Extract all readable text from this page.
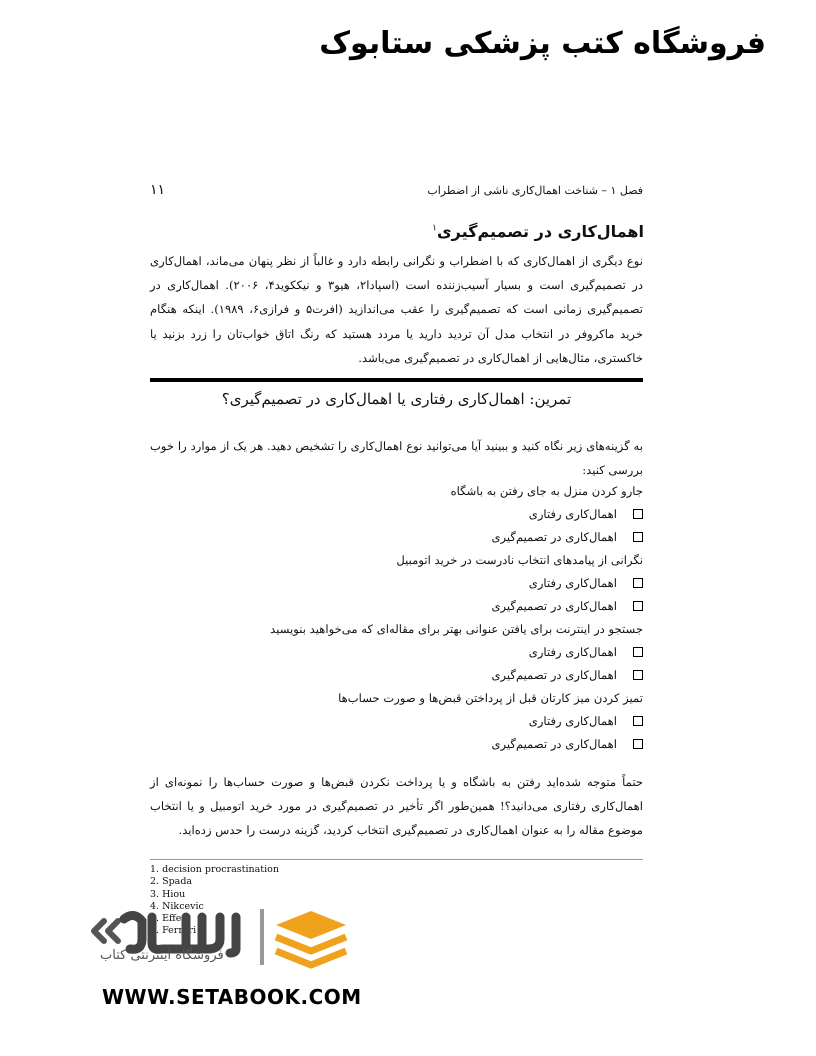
فروشگاه کتب پزشکی ستابوک
فصل ۱ – شناخت اهمال‌کاری ناشی از اضطراب
۱۱
اهمال‌کاری در تصمیم‌گیری$^۱$
نوع دیگری از اهمال‌کاری که با اضطراب و نگرانی رابطه دارد و غالباً از نظر پنهان می‌ماند، اهمال‌کاری در تصمیم‌گیری است و بسیار آسیب‌زننده است (اسپادا۲، هیو۳ و نیککوید۴، ۲۰۰۶). اهمال‌کاری در تصمیم‌گیری زمانی است که تصمیم‌گیری را عقب می‌اندازید (افرت۵ و فرازی۶، ۱۹۸۹). اینکه هنگام خرید ماکروفر در انتخاب مدل آن تردید دارید یا مردد هستید که رنگ اتاق خواب‌تان را زرد بزنید یا خاکستری، مثال‌هایی از اهمال‌کاری در تصمیم‌گیری می‌باشد.
تمرین: اهمال‌کاری رفتاری یا اهمال‌کاری در تصمیم‌گیری؟
به گزینه‌های زیر نگاه کنید و ببینید آیا می‌توانید نوع اهمال‌کاری را تشخیص دهید. هر یک از موارد را خوب بررسی کنید:
جارو کردن منزل به جای رفتن به باشگاه
اهمال‌کاری رفتاری
اهمال‌کاری در تصمیم‌گیری
نگرانی از پیامدهای انتخاب نادرست در خرید اتومبیل
اهمال‌کاری رفتاری
اهمال‌کاری در تصمیم‌گیری
جستجو در اینترنت برای یافتن عنوانی بهتر برای مقاله‌ای که می‌خواهید بنویسید
اهمال‌کاری رفتاری
اهمال‌کاری در تصمیم‌گیری
تمیز کردن میز کارتان قبل از پرداختن قبض‌ها و صورت حساب‌ها
اهمال‌کاری رفتاری
اهمال‌کاری در تصمیم‌گیری
حتماً متوجه شده‌اید رفتن به باشگاه و یا پرداخت نکردن قبض‌ها و صورت حساب‌ها را نمونه‌ای از اهمال‌کاری رفتاری می‌دانید؟! همین‌طور اگر تأخیر در تصمیم‌گیری در مورد خرید اتومبیل و یا انتخاب موضوع مقاله را به عنوان اهمال‌کاری در تصمیم‌گیری انتخاب کردید، گزینه درست را حدس زده‌اید.
1. decision procrastination
2. Spada
3. Hiou
4. Nikcevic
5. Effert
6. Ferrari
فروشگاه اینترنتی کتاب
WWW.SETABOOK.COM
